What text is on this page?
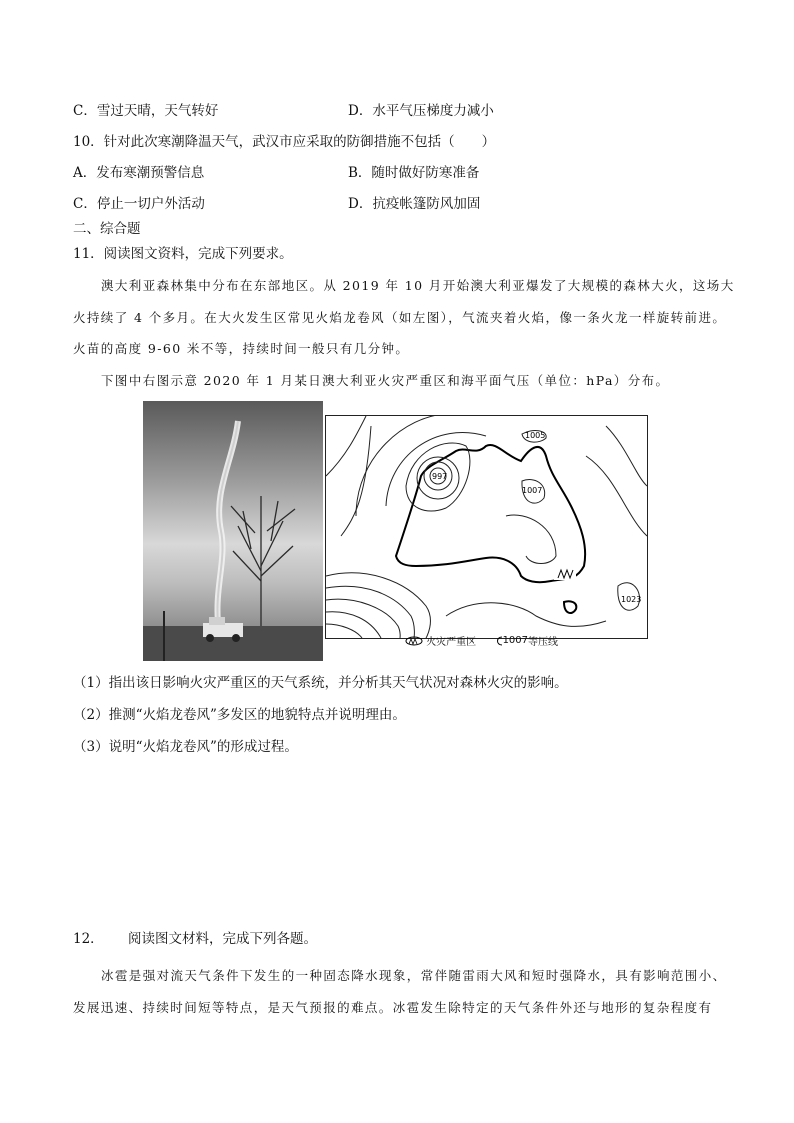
C．雪过天晴，天气转好	D．水平气压梯度力减小
10．针对此次寒潮降温天气，武汉市应采取的防御措施不包括（　　）
A．发布寒潮预警信息	B．随时做好防寒准备
C．停止一切户外活动	D．抗疫帐篷防风加固
二、综合题
11．阅读图文资料，完成下列要求。
澳大利亚森林集中分布在东部地区。从 2019 年 10 月开始澳大利亚爆发了大规模的森林大火，这场大
火持续了 4 个多月。在大火发生区常见火焰龙卷风（如左图），气流夹着火焰，像一条火龙一样旋转前进。
火苗的高度 9-60 米不等，持续时间一般只有几分钟。
下图中右图示意 2020 年 1 月某日澳大利亚火灾严重区和海平面气压（单位：hPa）分布。
1005
997
1007
1023
火灾严重区	1007等压线
（1）指出该日影响火灾严重区的天气系统，并分析其天气状况对森林火灾的影响。
（2）推测“火焰龙卷风”多发区的地貌特点并说明理由。
（3）说明“火焰龙卷风”的形成过程。
12． 阅读图文材料，完成下列各题。
冰雹是强对流天气条件下发生的一种固态降水现象，常伴随雷雨大风和短时强降水，具有影响范围小、
发展迅速、持续时间短等特点，是天气预报的难点。冰雹发生除特定的天气条件外还与地形的复杂程度有
